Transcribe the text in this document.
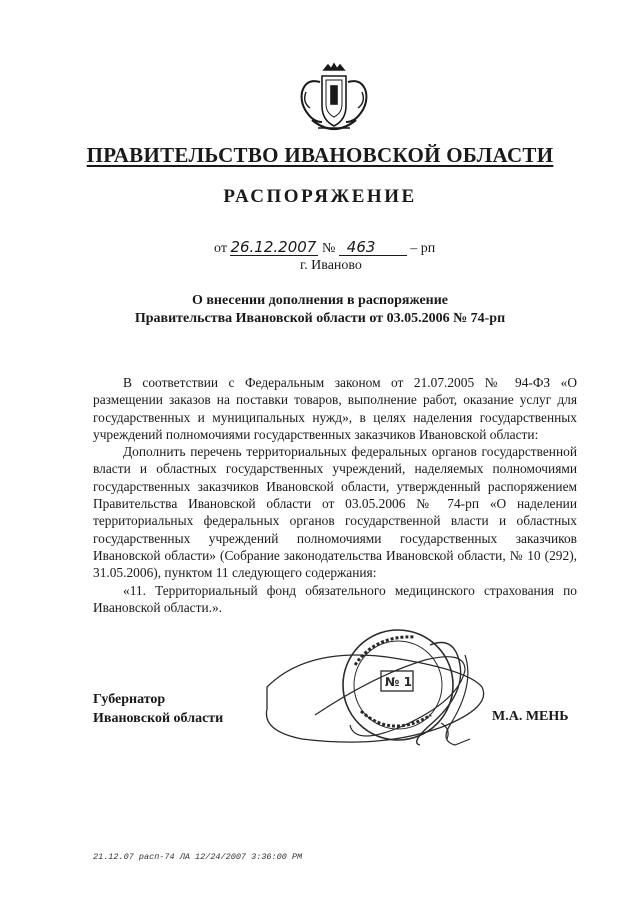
ПРАВИТЕЛЬСТВО ИВАНОВСКОЙ ОБЛАСТИ
РАСПОРЯЖЕНИЕ
от 26.12.2007 № 463 – рп
г. Иваново
О внесении дополнения в распоряжение
Правительства Ивановской области от 03.05.2006 № 74-рп

В соответствии с Федеральным законом от 21.07.2005 № 94-ФЗ «О размещении заказов на поставки товаров, выполнение работ, оказание услуг для государственных и муниципальных нужд», в целях наделения государственных учреждений полномочиями государственных заказчиков Ивановской области:

Дополнить перечень территориальных федеральных органов государственной власти и областных государственных учреждений, наделяемых полномочиями государственных заказчиков Ивановской области, утвержденный распоряжением Правительства Ивановской области от 03.05.2006 № 74-рп «О наделении территориальных федеральных органов государственной власти и областных государственных учреждений полномочиями государственных заказчиков Ивановской области» (Собрание законодательства Ивановской области, № 10 (292), 31.05.2006), пунктом 11 следующего содержания:

«11. Территориальный фонд обязательного медицинского страхования по Ивановской области.».

Губернатор
Ивановской области	М.А. МЕНЬ
№ 1
21.12.07 расп-74 ЛА 12/24/2007 3:36:00 PM
